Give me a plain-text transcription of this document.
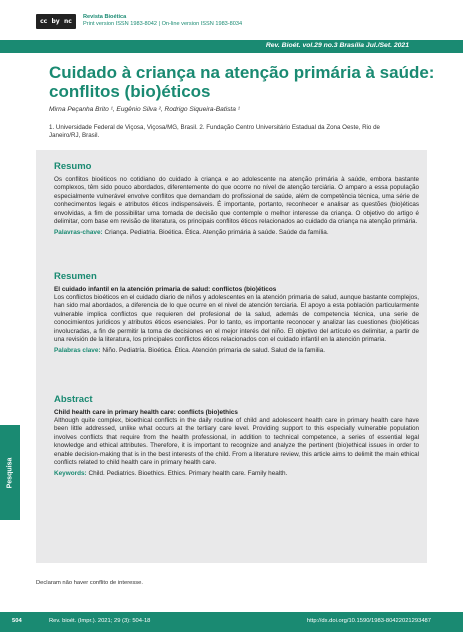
cc by nc
Revista Bioética
Print version ISSN 1983-8042 | On-line version ISSN 1983-8034
Rev. Bioét. vol.29 no.3 Brasília Jul./Set. 2021
Cuidado à criança na atenção primária à saúde: conflitos (bio)éticos
Mirna Peçanha Brito ¹, Eugênio Silva ², Rodrigo Siqueira-Batista ¹
1. Universidade Federal de Viçosa, Viçosa/MG, Brasil. 2. Fundação Centro Universitário Estadual da Zona Oeste, Rio de Janeiro/RJ, Brasil.
Resumo

Os conflitos bioéticos no cotidiano do cuidado à criança e ao adolescente na atenção primária à saúde, embora bastante complexos, têm sido pouco abordados, diferentemente do que ocorre no nível de atenção terciária. O amparo a essa população especialmente vulnerável envolve conflitos que demandam do profissional de saúde, além de competência técnica, uma série de conhecimentos legais e atributos éticos indispensáveis. É importante, portanto, reconhecer e analisar as questões (bio)éticas envolvidas, a fim de possibilitar uma tomada de decisão que contemple o melhor interesse da criança. O objetivo do artigo é delimitar, com base em revisão de literatura, os principais conflitos éticos relacionados ao cuidado da criança na atenção primária.

Palavras-chave: Criança. Pediatria. Bioética. Ética. Atenção primária à saúde. Saúde da família.
Resumen

El cuidado infantil en la atención primaria de salud: conflictos (bio)éticos

Los conflictos bioéticos en el cuidado diario de niños y adolescentes en la atención primaria de salud, aunque bastante complejos, han sido mal abordados, a diferencia de lo que ocurre en el nivel de atención terciaria. El apoyo a esta población particularmente vulnerable implica conflictos que requieren del profesional de la salud, además de competencia técnica, una serie de conocimientos jurídicos y atributos éticos esenciales. Por lo tanto, es importante reconocer y analizar las cuestiones (bio)éticas involucradas, a fin de permitir la toma de decisiones en el mejor interés del niño. El objetivo del artículo es delimitar, a partir de una revisión de la literatura, los principales conflictos éticos relacionados con el cuidado infantil en la atención primaria.

Palabras clave: Niño. Pediatría. Bioética. Ética. Atención primaria de salud. Salud de la familia.
Abstract

Child health care in primary health care: conflicts (bio)ethics

Although quite complex, bioethical conflicts in the daily routine of child and adolescent health care in primary health care have been little addressed, unlike what occurs at the tertiary care level. Providing support to this especially vulnerable population involves conflicts that require from the health professional, in addition to technical competence, a series of essential legal knowledge and ethical attributes. Therefore, it is important to recognize and analyze the pertinent (bio)ethical issues in order to enable decision-making that is in the best interests of the child. From a literature review, this article aims to delimit the main ethical conflicts related to child health care in primary health care.

Keywords: Child. Pediatrics. Bioethics. Ethics. Primary health care. Family health.
Pesquisa
Declaram não haver conflito de interesse.
504	Rev. bioét. (Impr.). 2021; 29 (3): 504-18	http://dx.doi.org/10.1590/1983-80422021293487
